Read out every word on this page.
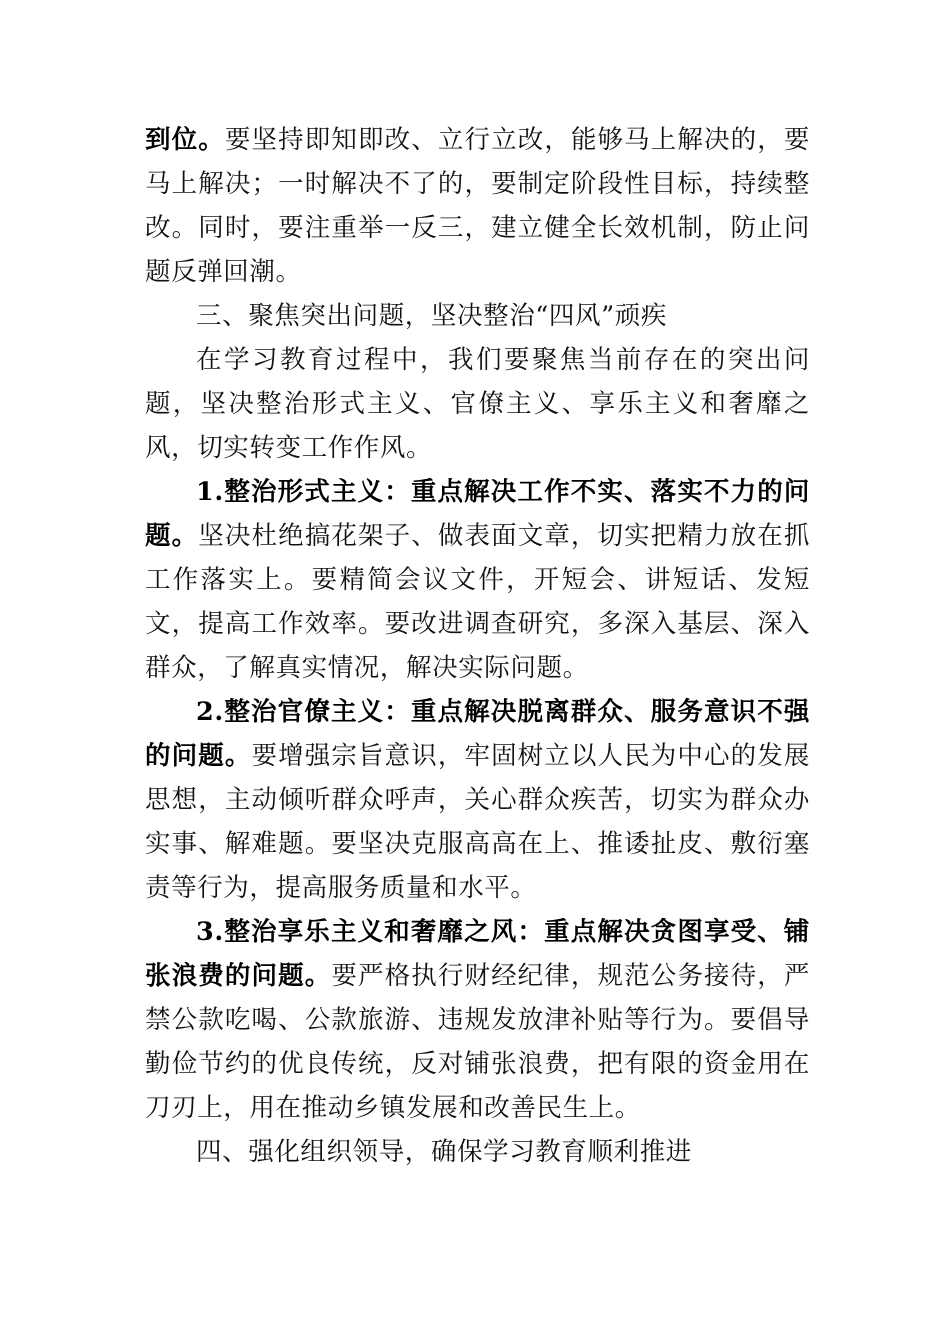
到位。要坚持即知即改、立行立改，能够马上解决的，要马上解决；一时解决不了的，要制定阶段性目标，持续整改。同时，要注重举一反三，建立健全长效机制，防止问题反弹回潮。

三、聚焦突出问题，坚决整治“四风”顽疾

在学习教育过程中，我们要聚焦当前存在的突出问题，坚决整治形式主义、官僚主义、享乐主义和奢靡之风，切实转变工作作风。

1.整治形式主义：重点解决工作不实、落实不力的问题。坚决杜绝搞花架子、做表面文章，切实把精力放在抓工作落实上。要精简会议文件，开短会、讲短话、发短文，提高工作效率。要改进调查研究，多深入基层、深入群众，了解真实情况，解决实际问题。

2.整治官僚主义：重点解决脱离群众、服务意识不强的问题。要增强宗旨意识，牢固树立以人民为中心的发展思想，主动倾听群众呼声，关心群众疾苦，切实为群众办实事、解难题。要坚决克服高高在上、推诿扯皮、敷衍塞责等行为，提高服务质量和水平。

3.整治享乐主义和奢靡之风：重点解决贪图享受、铺张浪费的问题。要严格执行财经纪律，规范公务接待，严禁公款吃喝、公款旅游、违规发放津补贴等行为。要倡导勤俭节约的优良传统，反对铺张浪费，把有限的资金用在刀刃上，用在推动乡镇发展和改善民生上。

四、强化组织领导，确保学习教育顺利推进
